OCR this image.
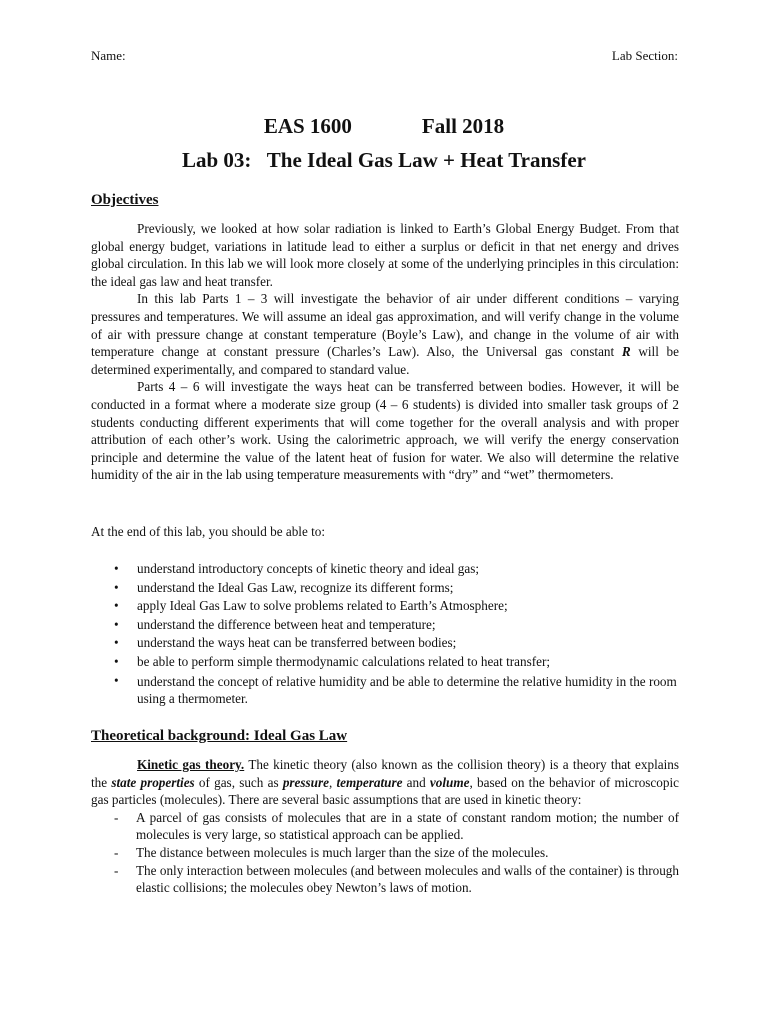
Name:	Lab Section:
EAS 1600	Fall 2018
Lab 03:   The Ideal Gas Law + Heat Transfer
Objectives

Previously, we looked at how solar radiation is linked to Earth’s Global Energy Budget. From that global energy budget, variations in latitude lead to either a surplus or deficit in that net energy and drives global circulation. In this lab we will look more closely at some of the underlying principles in this circulation: the ideal gas law and heat transfer.

In this lab Parts 1 – 3 will investigate the behavior of air under different conditions – varying pressures and temperatures. We will assume an ideal gas approximation, and will verify change in the volume of air with pressure change at constant temperature (Boyle’s Law), and change in the volume of air with temperature change at constant pressure (Charles’s Law). Also, the Universal gas constant R will be determined experimentally, and compared to standard value.

Parts 4 – 6 will investigate the ways heat can be transferred between bodies. However, it will be conducted in a format where a moderate size group (4 – 6 students) is divided into smaller task groups of 2 students conducting different experiments that will come together for the overall analysis and with proper attribution of each other’s work. Using the calorimetric approach, we will verify the energy conservation principle and determine the value of the latent heat of fusion for water. We also will determine the relative humidity of the air in the lab using temperature measurements with “dry” and “wet” thermometers.

At the end of this lab, you should be able to:

• understand introductory concepts of kinetic theory and ideal gas;
• understand the Ideal Gas Law, recognize its different forms;
• apply Ideal Gas Law to solve problems related to Earth’s Atmosphere;
• understand the difference between heat and temperature;
• understand the ways heat can be transferred between bodies;
• be able to perform simple thermodynamic calculations related to heat transfer;
• understand the concept of relative humidity and be able to determine the relative humidity in the room using a thermometer.
Theoretical background: Ideal Gas Law

Kinetic gas theory. The kinetic theory (also known as the collision theory) is a theory that explains the state properties of gas, such as pressure, temperature and volume, based on the behavior of microscopic gas particles (molecules). There are several basic assumptions that are used in kinetic theory:

- A parcel of gas consists of molecules that are in a state of constant random motion; the number of molecules is very large, so statistical approach can be applied.
- The distance between molecules is much larger than the size of the molecules.
- The only interaction between molecules (and between molecules and walls of the container) is through elastic collisions; the molecules obey Newton’s laws of motion.
